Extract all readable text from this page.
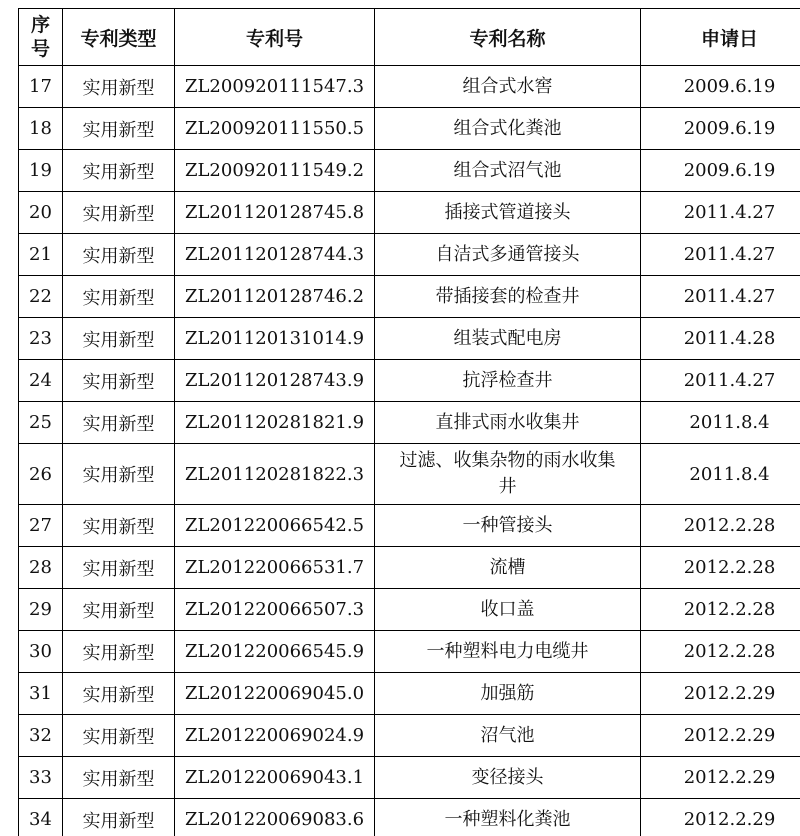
序号	专利类型	专利号	专利名称	申请日
17	实用新型	ZL200920111547.3	组合式水窖	2009.6.19
18	实用新型	ZL200920111550.5	组合式化粪池	2009.6.19
19	实用新型	ZL200920111549.2	组合式沼气池	2009.6.19
20	实用新型	ZL201120128745.8	插接式管道接头	2011.4.27
21	实用新型	ZL201120128744.3	自洁式多通管接头	2011.4.27
22	实用新型	ZL201120128746.2	带插接套的检查井	2011.4.27
23	实用新型	ZL201120131014.9	组装式配电房	2011.4.28
24	实用新型	ZL201120128743.9	抗浮检查井	2011.4.27
25	实用新型	ZL201120281821.9	直排式雨水收集井	2011.8.4
26	实用新型	ZL201120281822.3	过滤、收集杂物的雨水收集井	2011.8.4
27	实用新型	ZL201220066542.5	一种管接头	2012.2.28
28	实用新型	ZL201220066531.7	流槽	2012.2.28
29	实用新型	ZL201220066507.3	收口盖	2012.2.28
30	实用新型	ZL201220066545.9	一种塑料电力电缆井	2012.2.28
31	实用新型	ZL201220069045.0	加强筋	2012.2.29
32	实用新型	ZL201220069024.9	沼气池	2012.2.29
33	实用新型	ZL201220069043.1	变径接头	2012.2.29
34	实用新型	ZL201220069083.6	一种塑料化粪池	2012.2.29
